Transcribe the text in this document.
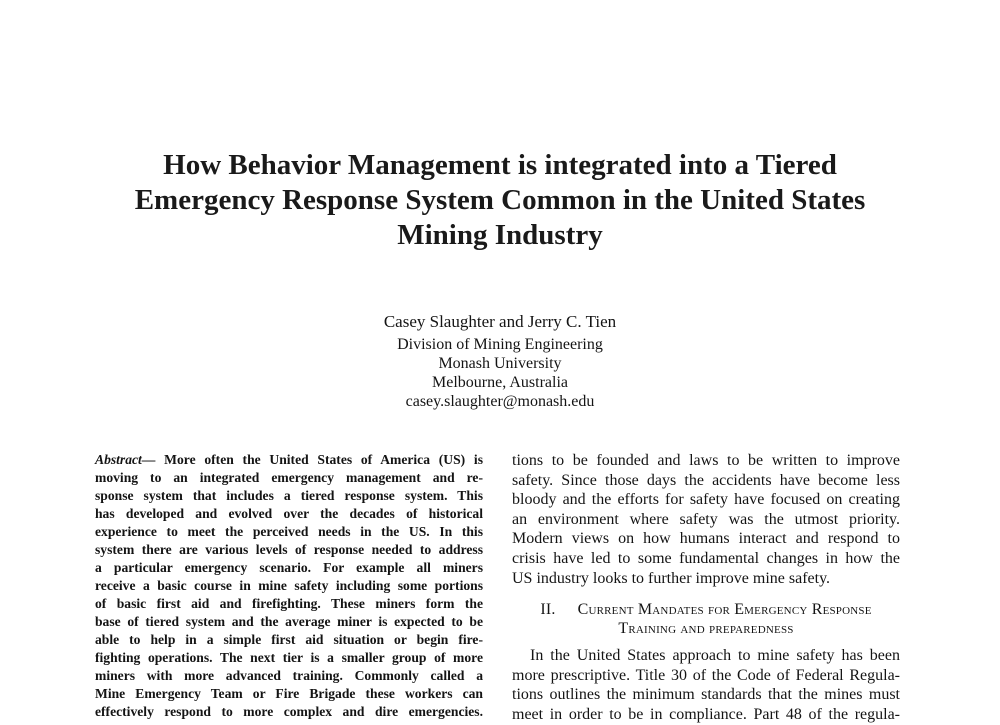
How Behavior Management is integrated into a Tiered
Emergency Response System Common in the United States
Mining Industry
Casey Slaughter and Jerry C. Tien
Division of Mining Engineering
Monash University
Melbourne, Australia
casey.slaughter@monash.edu
Abstract— More often the United States of America (US) is
moving to an integrated emergency management and re-
sponse system that includes a tiered response system. This
has developed and evolved over the decades of historical
experience to meet the perceived needs in the US. In this
system there are various levels of response needed to address
a particular emergency scenario. For example all miners
receive a basic course in mine safety including some portions
of basic first aid and firefighting. These miners form the
base of tiered system and the average miner is expected to be
able to help in a simple first aid situation or begin fire-
fighting operations. The next tier is a smaller group of more
miners with more advanced training. Commonly called a
Mine Emergency Team or Fire Brigade these workers can
effectively respond to more complex and dire emergencies.
tions to be founded and laws to be written to improve
safety. Since those days the accidents have become less
bloody and the efforts for safety have focused on creating
an environment where safety was the utmost priority.
Modern views on how humans interact and respond to
crisis have led to some fundamental changes in how the
US industry looks to further improve mine safety.
II. Current Mandates for Emergency Response
Training and preparedness
In the United States approach to mine safety has been
more prescriptive. Title 30 of the Code of Federal Regula-
tions outlines the minimum standards that the mines must
meet in order to be in compliance. Part 48 of the regula-
